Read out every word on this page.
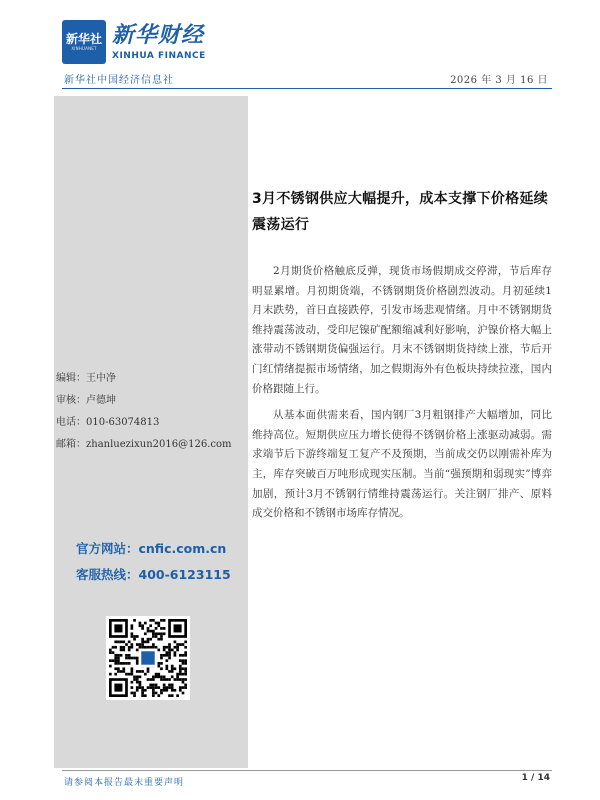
新华社
XINHUANET
新华财经
XINHUA FINANCE
新华社中国经济信息社	2026 年 3 月 16 日
编辑：王中净
审核：卢德坤
电话：010-63074813
邮箱：zhanluezixun2016@126.com
官方网站：cnfic.com.cn
客服热线：400-6123115
3月不锈钢供应大幅提升，成本支撑下价格延续震荡运行

2月期货价格触底反弹，现货市场假期成交停滞，节后库存明显累增。月初期货端，不锈钢期货价格剧烈波动。月初延续1月末跌势，首日直接跌停，引发市场悲观情绪。月中不锈钢期货维持震荡波动，受印尼镍矿配额缩减利好影响，沪镍价格大幅上涨带动不锈钢期货偏强运行。月末不锈钢期货持续上涨，节后开门红情绪提振市场情绪，加之假期海外有色板块持续拉涨，国内价格跟随上行。

从基本面供需来看，国内钢厂3月粗钢排产大幅增加，同比维持高位。短期供应压力增长使得不锈钢价格上涨驱动减弱。需求端节后下游终端复工复产不及预期，当前成交仍以刚需补库为主，库存突破百万吨形成现实压制。当前“强预期和弱现实”博弈加剧，预计3月不锈钢行情维持震荡运行。关注钢厂排产、原料成交价格和不锈钢市场库存情况。

请参阅本报告最末重要声明	1 / 14
